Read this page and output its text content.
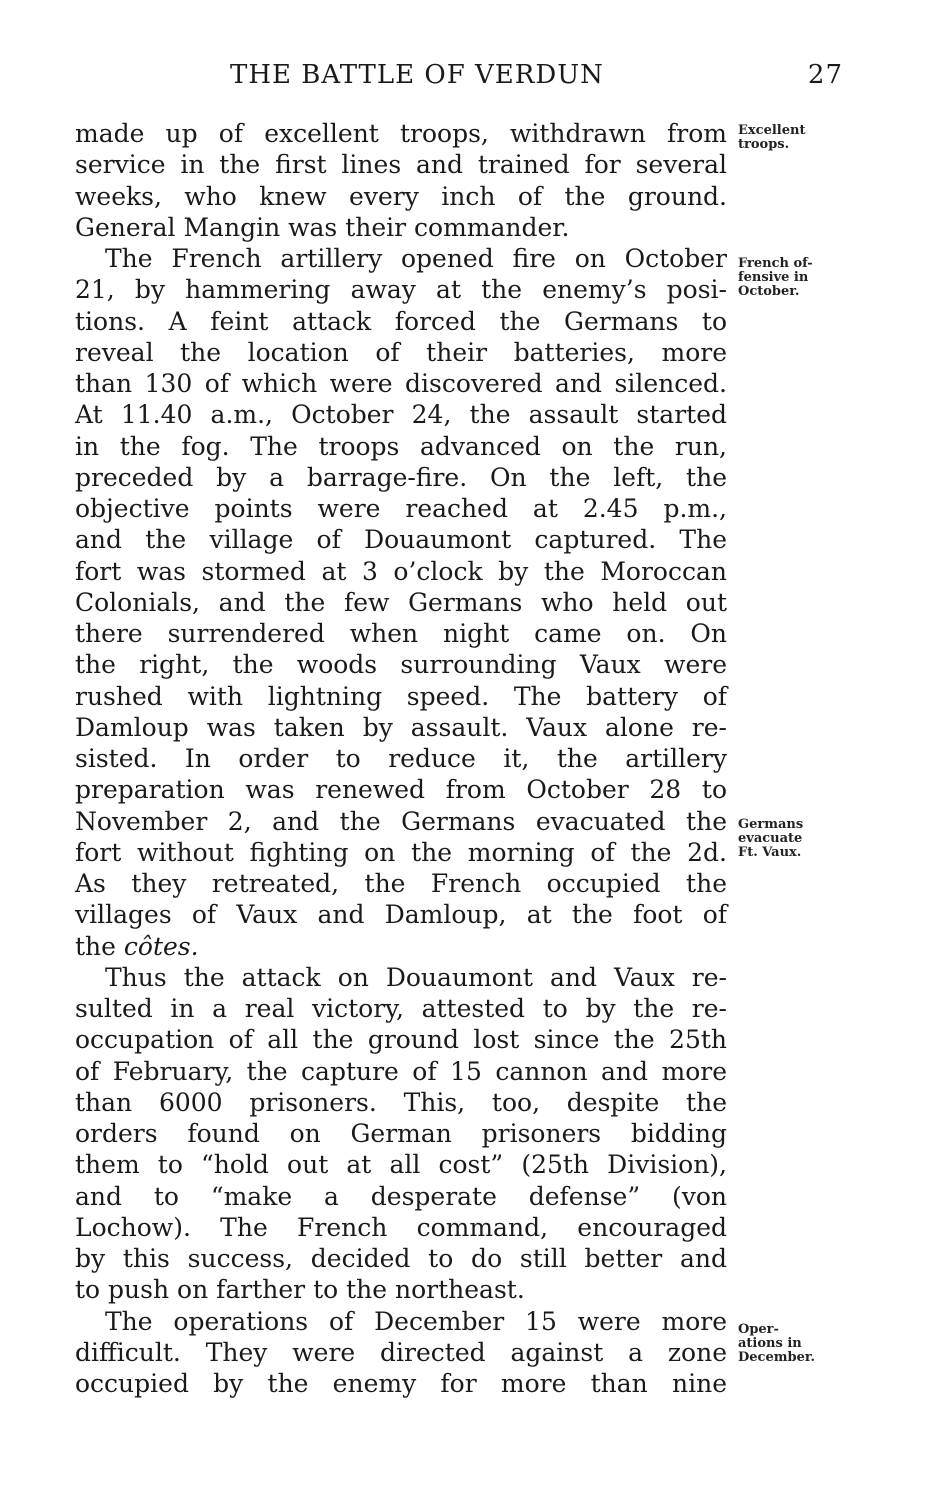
THE BATTLE OF VERDUN	27
made up of excellent troops, withdrawn from
service in the first lines and trained for several
weeks, who knew every inch of the ground.
General Mangin was their commander.
The French artillery opened fire on October
21, by hammering away at the enemy’s posi-
tions. A feint attack forced the Germans to
reveal the location of their batteries, more
than 130 of which were discovered and silenced.
At 11.40 a.m., October 24, the assault started
in the fog. The troops advanced on the run,
preceded by a barrage-fire. On the left, the
objective points were reached at 2.45 p.m.,
and the village of Douaumont captured. The
fort was stormed at 3 o’clock by the Moroccan
Colonials, and the few Germans who held out
there surrendered when night came on. On
the right, the woods surrounding Vaux were
rushed with lightning speed. The battery of
Damloup was taken by assault. Vaux alone re-
sisted. In order to reduce it, the artillery
preparation was renewed from October 28 to
November 2, and the Germans evacuated the
fort without fighting on the morning of the 2d.
As they retreated, the French occupied the
villages of Vaux and Damloup, at the foot of
the côtes.
Thus the attack on Douaumont and Vaux re-
sulted in a real victory, attested to by the re-
occupation of all the ground lost since the 25th
of February, the capture of 15 cannon and more
than 6000 prisoners. This, too, despite the
orders found on German prisoners bidding
them to “hold out at all cost” (25th Division),
and to “make a desperate defense” (von
Lochow). The French command, encouraged
by this success, decided to do still better and
to push on farther to the northeast.
The operations of December 15 were more
difficult. They were directed against a zone
occupied by the enemy for more than nine
Excellent
troops.
French of-
fensive in
October.
Germans
evacuate
Ft. Vaux.
Oper-
ations in
December.
